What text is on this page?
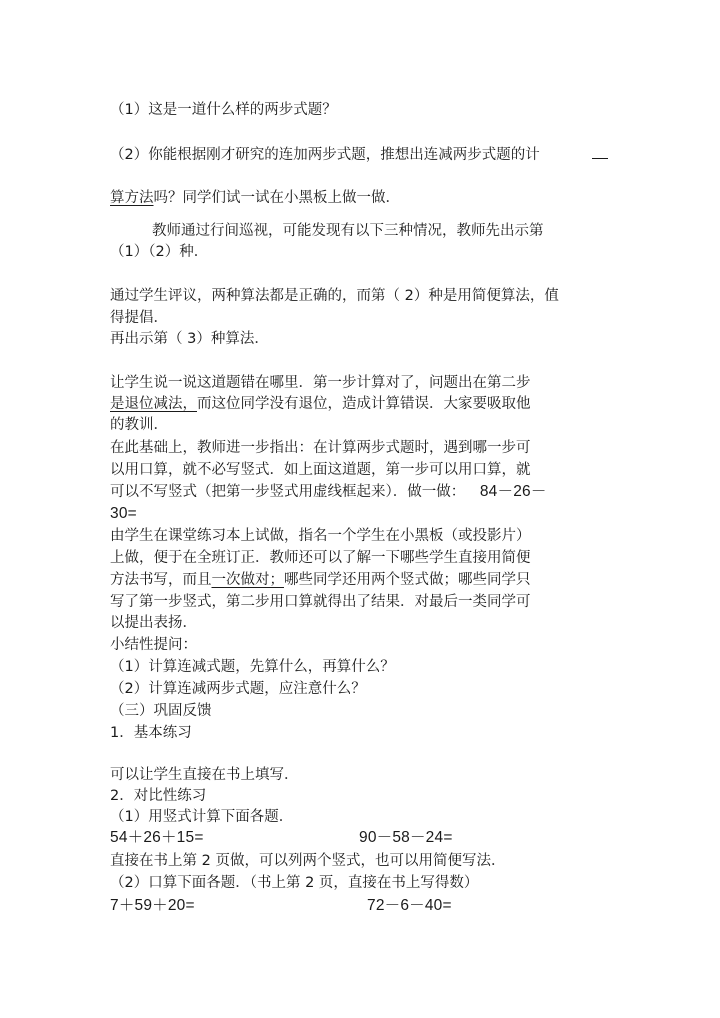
（1）这是一道什么样的两步式题？
（2）你能根据刚才研究的连加两步式题，推想出连减两步式题的计
算方法吗？同学们试一试在小黑板上做一做．
教师通过行间巡视，可能发现有以下三种情况，教师先出示第
（1）（2）种．
通过学生评议，两种算法都是正确的，而第（ 2）种是用简便算法，值
得提倡．
再出示第（ 3）种算法．
让学生说一说这道题错在哪里．第一步计算对了，问题出在第二步
是退位减法，而这位同学没有退位，造成计算错误．大家要吸取他
的教训．
在此基础上，教师进一步指出：在计算两步式题时，遇到哪一步可
以用口算，就不必写竖式．如上面这道题，第一步可以用口算，就
可以不写竖式（把第一步竖式用虚线框起来）．做一做： 84－26－
30=
由学生在课堂练习本上试做，指名一个学生在小黑板（或投影片）
上做，便于在全班订正．教师还可以了解一下哪些学生直接用简便
方法书写，而且一次做对；哪些同学还用两个竖式做；哪些同学只
写了第一步竖式，第二步用口算就得出了结果．对最后一类同学可
以提出表扬．
小结性提问：
（1）计算连减式题，先算什么，再算什么？
（2）计算连减两步式题，应注意什么？
（三）巩固反馈
1．基本练习
可以让学生直接在书上填写．
2．对比性练习
（1）用竖式计算下面各题．
54＋26＋15=	90－58－24=
直接在书上第 2 页做，可以列两个竖式，也可以用简便写法．
（2）口算下面各题．（书上第 2 页，直接在书上写得数）
7＋59＋20=	72－6－40=
